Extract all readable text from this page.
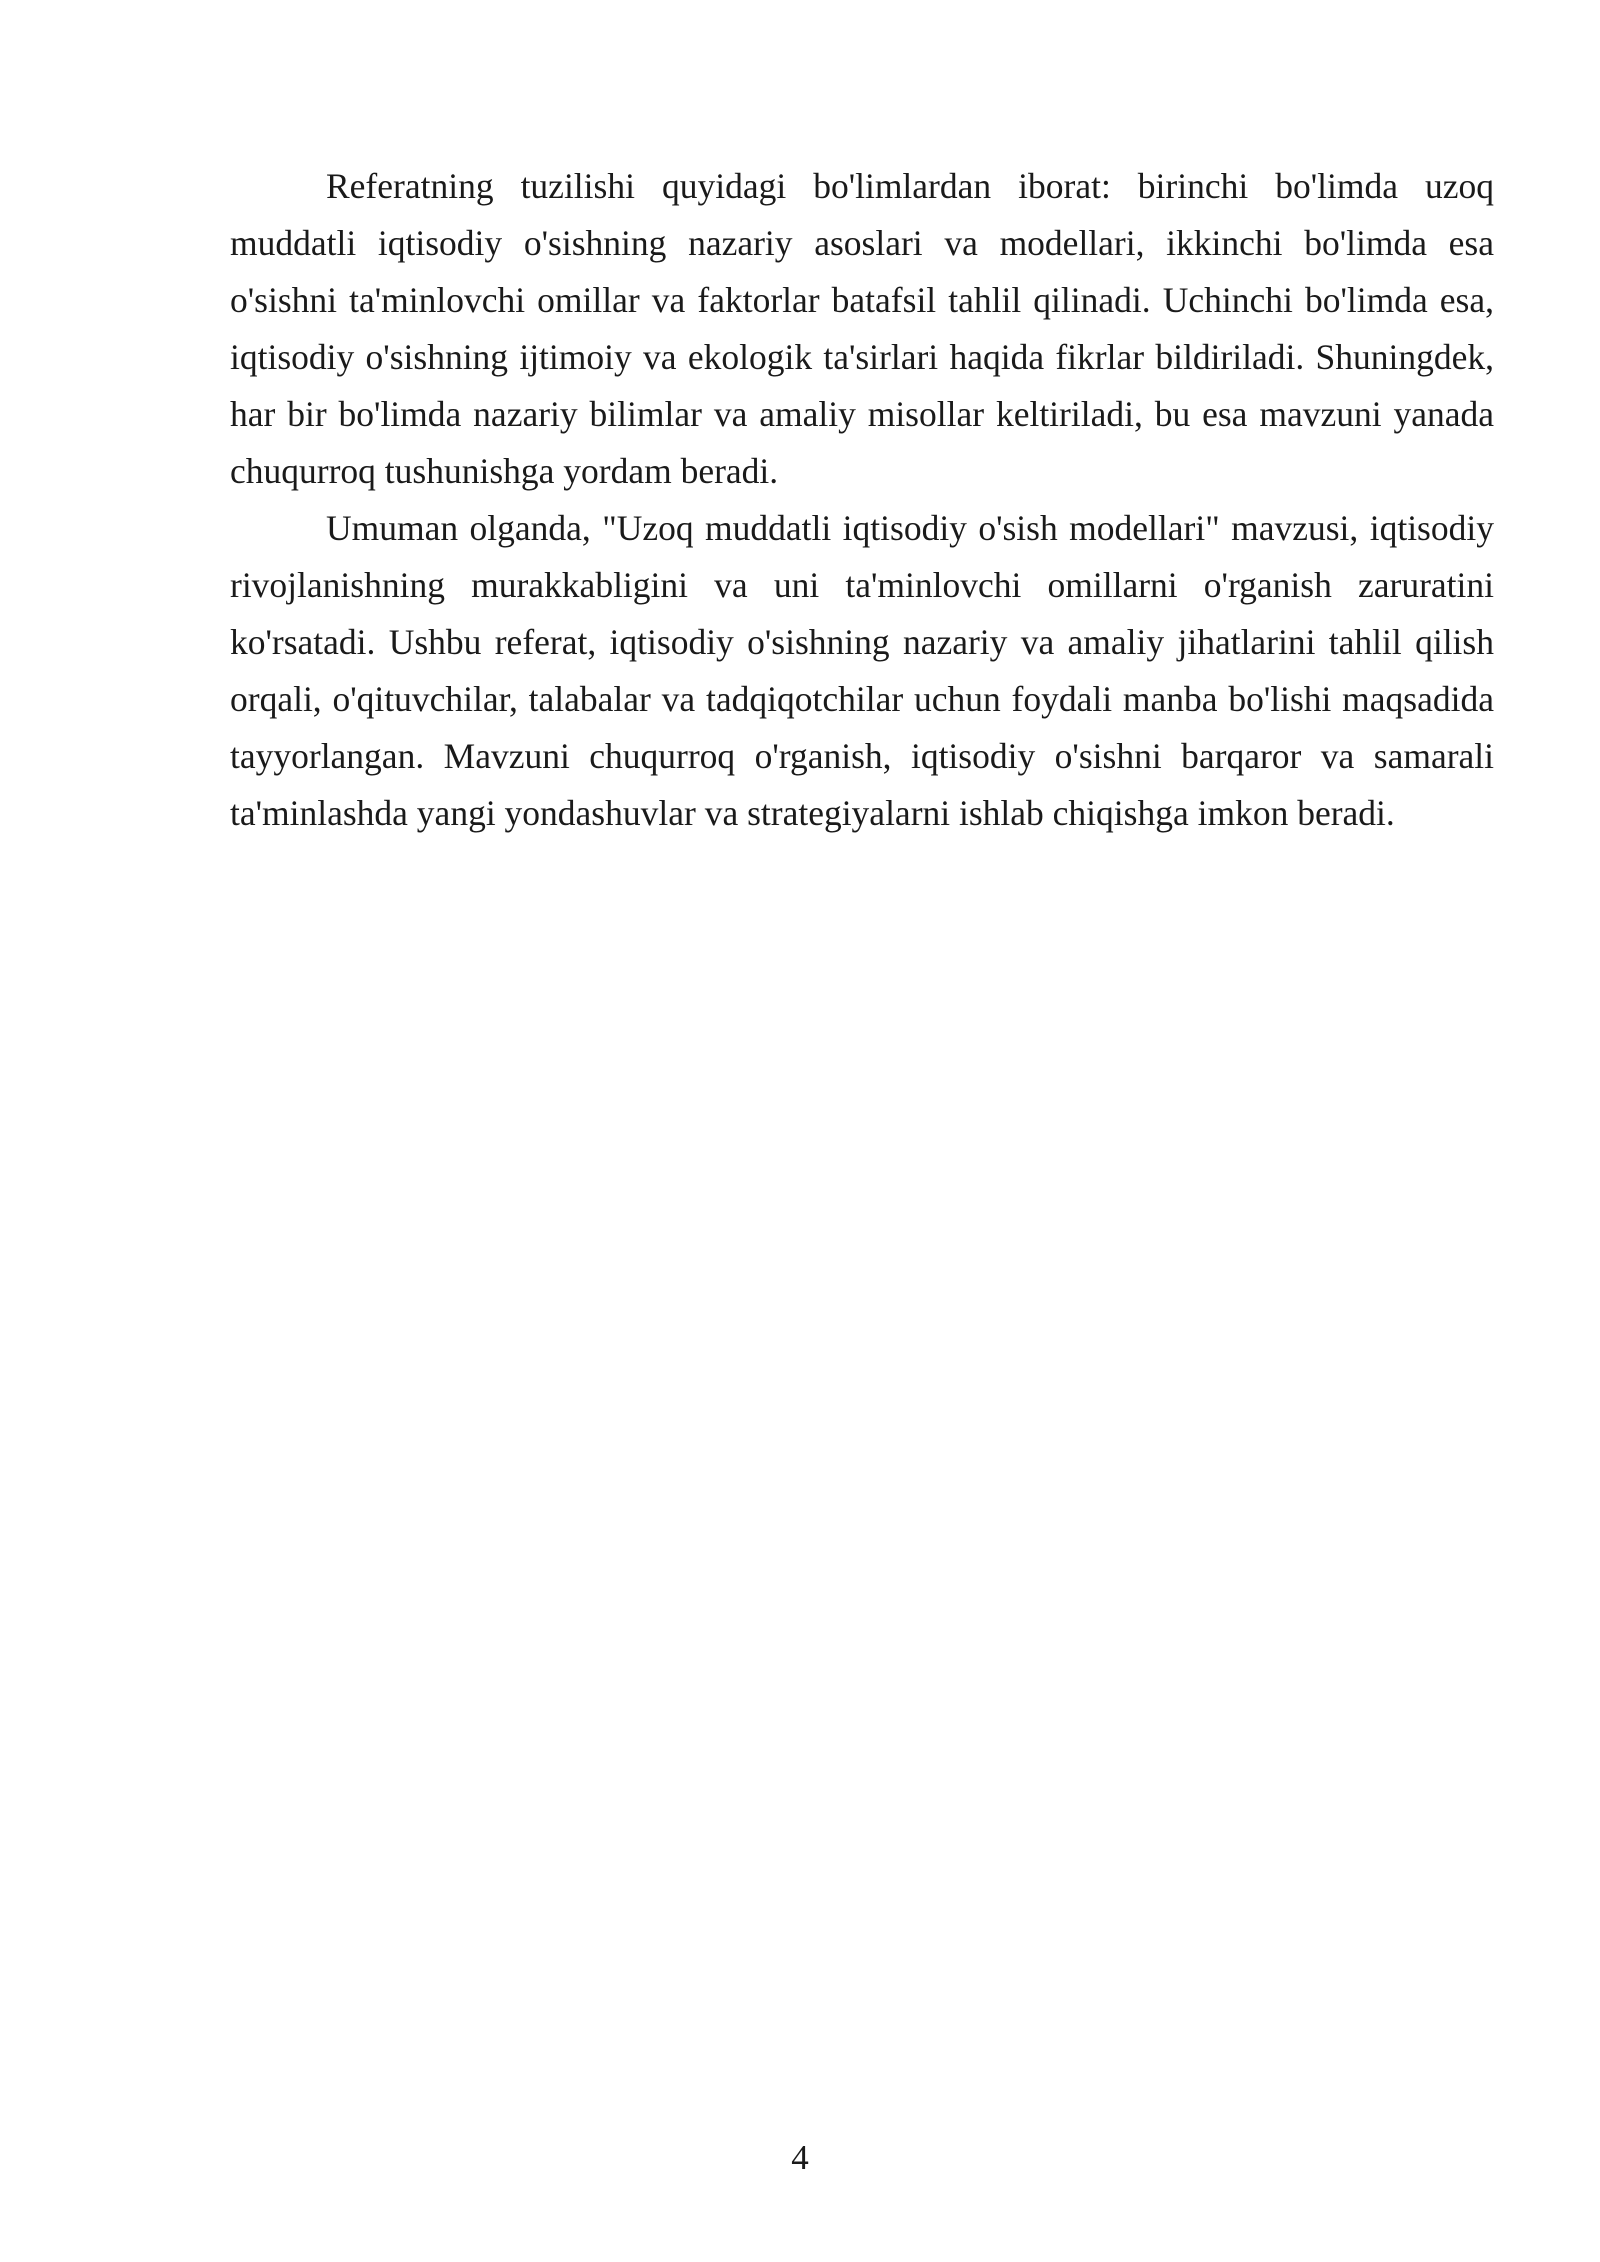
Referatning tuzilishi quyidagi bo'limlardan iborat: birinchi bo'limda uzoq muddatli iqtisodiy o'sishning nazariy asoslari va modellari, ikkinchi bo'limda esa o'sishni ta'minlovchi omillar va faktorlar batafsil tahlil qilinadi. Uchinchi bo'limda esa, iqtisodiy o'sishning ijtimoiy va ekologik ta'sirlari haqida fikrlar bildiriladi. Shuningdek, har bir bo'limda nazariy bilimlar va amaliy misollar keltiriladi, bu esa mavzuni yanada chuqurroq tushunishga yordam beradi.

Umuman olganda, "Uzoq muddatli iqtisodiy o'sish modellari" mavzusi, iqtisodiy rivojlanishning murakkabligini va uni ta'minlovchi omillarni o'rganish zaruratini ko'rsatadi. Ushbu referat, iqtisodiy o'sishning nazariy va amaliy jihatlarini tahlil qilish orqali, o'qituvchilar, talabalar va tadqiqotchilar uchun foydali manba bo'lishi maqsadida tayyorlangan. Mavzuni chuqurroq o'rganish, iqtisodiy o'sishni barqaror va samarali ta'minlashda yangi yondashuvlar va strategiyalarni ishlab chiqishga imkon beradi.

4
